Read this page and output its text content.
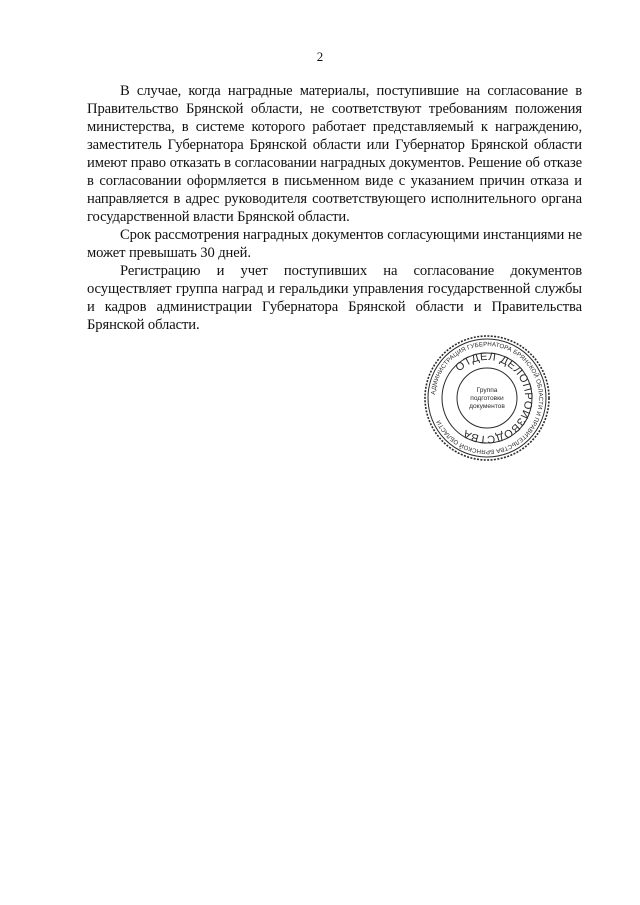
2

В случае, когда наградные материалы, поступившие на согласование в Правительство Брянской области, не соответствуют требованиям положения министерства, в системе которого работает представляемый к награждению, заместитель Губернатора Брянской области или Губернатор Брянской области имеют право отказать в согласовании наградных документов. Решение об отказе в согласовании оформляется в письменном виде с указанием причин отказа и направляется в адрес руководителя соответствующего исполнительного органа государственной власти Брянской области.

Срок рассмотрения наградных документов согласующими инстанциями не может превышать 30 дней.

Регистрацию и учет поступивших на согласование документов осуществляет группа наград и геральдики управления государственной службы и кадров администрации Губернатора Брянской области и Правительства Брянской области.

АДМИНИСТРАЦИЯ ГУБЕРНАТОРА БРЯНСКОЙ ОБЛАСТИ И ПРАВИТЕЛЬСТВА БРЯНСКОЙ ОБЛАСТИ
ОТДЕЛ ДЕЛОПРОИЗВОДСТВА
Группа
подготовки
документов
